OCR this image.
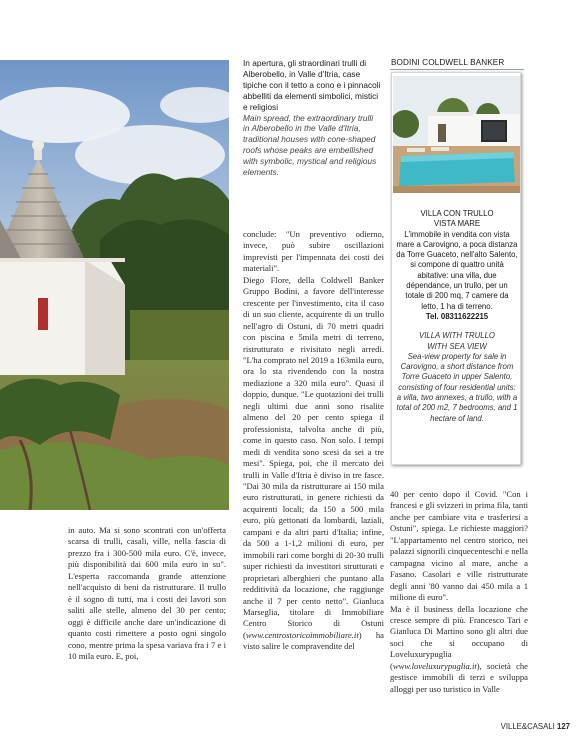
In apertura, gli straordinari trulli di Alberobello, in Valle d'Itria, case tipiche con il tetto a cono e i pinnacoli abbelliti da elementi simbolici, mistici e religiosi
Main spread, the extraordinary trulli in Alberobello in the Valle d'Itria, traditional houses with cone-shaped roofs whose peaks are embellished with symbolic, mystical and religious elements.
BODINI COLDWELL BANKER
VILLA CON TRULLO
VISTA MARE
L'immobile in vendita con vista mare a Carovigno, a poca distanza da Torre Guaceto, nell'alto Salento, si compone di quattro unità abitative: una villa, due dépendance, un trullo, per un totale di 200 mq, 7 camere da letto, 1 ha di terreno.
Tel. 08311622215
VILLA WITH TRULLO
WITH SEA VIEW
Sea-view property for sale in Carovigno, a short distance from Torre Guaceto in upper Salento, consisting of four residential units: a villa, two annexes, a trullo, with a total of 200 m2, 7 bedrooms, and 1 hectare of land.

in auto. Ma si sono scontrati con un'offerta scarsa di trulli, casali, ville, nella fascia di prezzo fra i 300-500 mila euro. C'è, invece, più disponibilità dai 600 mila euro in su". L'esperta raccomanda grande attenzione nell'acquisto di beni da ristrutturare. Il trullo è il sogno di tutti, ma i costi dei lavori son saliti alle stelle, almeno del 30 per cento; oggi è difficile anche dare un'indicazione di quanto costi rimettere a posto ogni singolo cono, mentre prima la spesa variava fra i 7 e i 10 mila euro. E, poi,

concludе: "Un preventivo odierno, invece, può subire oscillazioni imprevisti per l'impennata dei costi dei materiali".

Diego Flore, della Coldwell Banker Gruppo Bodini, a favore dell'interesse crescente per l'investimento, cita il caso di un suo cliente, acquirente di un trullo nell'agro di Ostuni, di 70 metri quadri con piscina e 5mila metri di terreno, ristrutturato e rivisitato negli arredi. "L'ha comprato nel 2019 a 163mila euro, ora lo sta rivendendo con la nostra mediazione a 320 mila euro". Quasi il doppio, dunque. "Le quotazioni dei trulli negli ultimi due anni sono risalite almeno del 20 per cento spiega il professionista, talvolta anche di più, come in questo caso. Non solo. I tempi medi di vendita sono scesi da sei a tre mesi". Spiega, poi, che il mercato dei trulli in Valle d'Itria è diviso in tre fasce. "Dai 30 mila da ristrutturare ai 150 mila euro ristrutturati, in genere richiesti da acquirenti locali; da 150 a 500 mila euro, più gettonati da lombardi, laziali, campani e da altri parti d'Italia; infine, da 500 a 1-1,2 milioni di euro, per immobili rari come borghi di 20-30 trulli super richiesti da investitori strutturati e proprietari alberghieri che puntano alla redditività da locazione, che raggiunge anche il 7 per cento netto". Gianluca Marseglia, titolare di Immobiliare Centro Storico di Ostuni (www.centrostoricoimmobiliare.it) ha visto salire le compravendite del

40 per cento dopo il Covid. "Con i francesi e gli svizzeri in prima fila, tanti anche per cambiare vita e trasferirsi a Ostuni", spiega. Le richieste maggiori? "L'appartamento nel centro storico, nei palazzi signorili cinquecenteschi e nella campagna vicino al mare, anche a Fasano. Casolari e ville ristrutturate degli anni '80 vanno dai 450 mila a 1 milione di euro".

Ma è il business della locazione che cresce sempre di più. Francesco Tari e Gianluca Di Martino sono gli altri due soci che si occupano di Loveluxurypuglia (www.loveluxurypuglia.it), società che gestisce immobili di terzi e sviluppa alloggi per uso turistico in Valle

VILLE&CASALI 127
